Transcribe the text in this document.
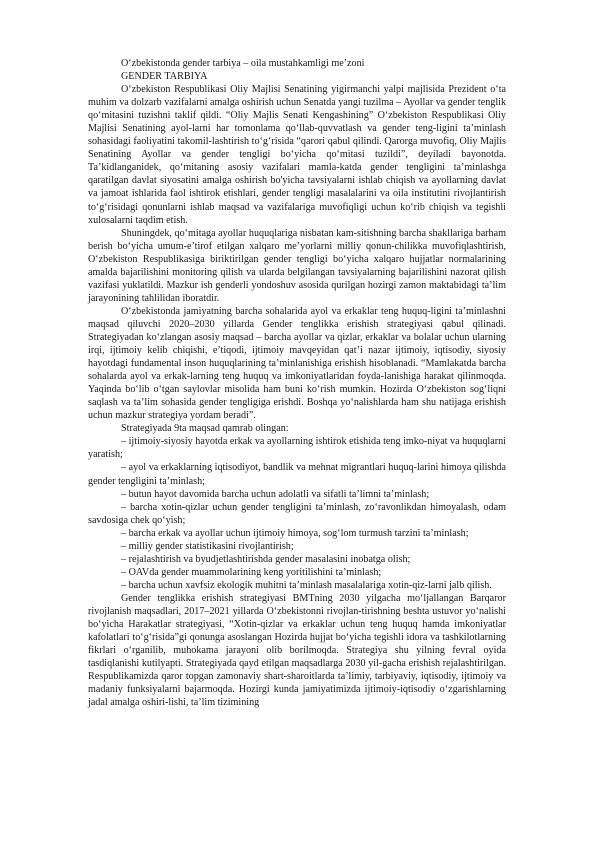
O‘zbekistonda gender tarbiya – oila mustahkamligi me’zoni

GENDER TARBIYA

O‘zbekiston Respublikasi Oliy Majlisi Senatining yigirmanchi yalpi majlisida Prezident o‘ta muhim va dolzarb vazifalarni amalga oshirish uchun Senatda yangi tuzilma – Ayollar va gender tenglik qo‘mitasini tuzishni taklif qildi. “Oliy Majlis Senati Kengashining” O‘zbekiston Respublikasi Oliy Majlisi Senatining ayol-larni har tomonlama qo‘llab-quvvatlash va gender teng-ligini ta’minlash sohasidagi faoliyatini takomil-lashtirish to‘g‘risida “qarori qabul qilindi. Qarorga muvofiq, Oliy Majlis Senatining Ayollar va gender tengligi bo‘yicha qo‘mitasi tuzildi”, deyiladi bayonotda. Ta’kidlanganidek, qo‘mitaning asosiy vazifalari mamla-katda gender tengligini ta’minlashga qaratilgan davlat siyosatini amalga oshirish bo'yicha tavsiyalarni ishlab chiqish va ayollarning davlat va jamoat ishlarida faol ishtirok etishlari, gender tengligi masalalarini va oila institutini rivojlantirish to‘g‘risidagi qonunlarni ishlab maqsad va vazifalariga muvofiqligi uchun ko‘rib chiqish va tegishli xulosalarni taqdim etish.

Shuningdek, qo‘mitaga ayollar huquqlariga nisbatan kam-sitishning barcha shakllariga barham berish bo‘yicha umum-e’tirof etilgan xalqaro me’yorlarni milliy qonun-chilikka muvofiqlashtirish, O‘zbekiston Respublikasiga biriktirilgan gender tengligi bo‘yicha xalqaro hujjatlar normalarining amalda bajarilishini monitoring qilish va ularda belgilangan tavsiyalarning bajarilishini nazorat qilish vazifasi yuklatildi. Mazkur ish genderli yondoshuv asosida qurilgan hozirgi zamon maktabidagi ta’lim jarayonining tahlilidan iboratdir.

O‘zbekistonda jamiyatning barcha sohalarida ayol va erkaklar teng huquq-ligini ta’minlashni maqsad qiluvchi 2020–2030 yillarda Gender tenglikka erishish strategiyasi qabul qilinadi. Strategiyadan ko‘zlangan asosiy maqsad – barcha ayollar va qizlar, erkaklar va bolalar uchun ularning irqi, ijtimoiy kelib chiqishi, e’tiqodi, ijtimoiy mavqeyidan qat’i nazar ijtimoiy, iqtisodiy, siyosiy hayotdagi fundamental inson huquqlarining ta’minlanishiga erishish hisoblanadi. “Mamlakatda barcha sohalarda ayol va erkak-larning teng huquq va imkoniyatlaridan foyda-lanishiga harakat qilinmoqda. Yaqinda bo‘lib o‘tgan saylovlar misolida ham buni ko‘rish mumkin. Hozirda O‘zbekiston sog‘liqni saqlash va ta’lim sohasida gender tengligiga erishdi. Boshqa yo‘nalishlarda ham shu natijaga erishish uchun mazkur strategiya yordam beradi”.

Strategiyada 9ta maqsad qamrab olingan:

– ijtimoiy-siyosiy hayotda erkak va ayollarning ishtirok etishida teng imko-niyat va huquqlarni yaratish;

– ayol va erkaklarning iqtisodiyot, bandlik va mehnat migrantlari huquq-larini himoya qilishda gender tengligini ta’minlash;

– butun hayot davomida barcha uchun adolatli va sifatli ta’limni ta’minlash;

– barcha xotin-qizlar uchun gender tengligini ta’minlash, zo‘ravonlikdan himoyalash, odam savdosiga chek qo‘yish;

– barcha erkak va ayollar uchun ijtimoiy himoya, sog‘lom turmush tarzini ta’minlash;

– milliy gender statistikasini rivojlantirish;

– rejalashtirish va byudjetlashtirishda gender masalasini inobatga olish;

– OAVda gender muammolarining keng yoritilishini ta’minlash;

– barcha uchun xavfsiz ekologik muhitni ta’minlash masalalariga xotin-qiz-larni jalb qilish.

Gender tenglikka erishish strategiyasi BMTning 2030 yilgacha mo‘ljallangan Barqaror rivojlanish maqsadlari, 2017–2021 yillarda O‘zbekistonni rivojlan-tirishning beshta ustuvor yo‘nalishi bo‘yicha Harakatlar strategiyasi, “Xotin-qizlar va erkaklar uchun teng huquq hamda imkoniyatlar kafolatlari to‘g‘risida”gi qonunga asoslangan Hozirda hujjat bo‘yicha tegishli idora va tashkilotlarning fikrlari o‘rganilib, muhokama jarayoni olib borilmoqda. Strategiya shu yilning fevral oyida tasdiqlanishi kutilyapti. Strategiyada qayd etilgan maqsadlarga 2030 yil-gacha erishish rejalashtirilgan. Respublikamizda qaror topgan zamonaviy shart-sharoitlarda ta’limiy, tarbiyaviy, iqtisodiy, ijtimoiy va madaniy funksiyalarni bajarmoqda. Hozirgi kunda jamiyatimizda ijtimoiy-iqtisodiy o‘zgarishlarning jadal amalga oshiri-lishi, ta’lim tizimining
